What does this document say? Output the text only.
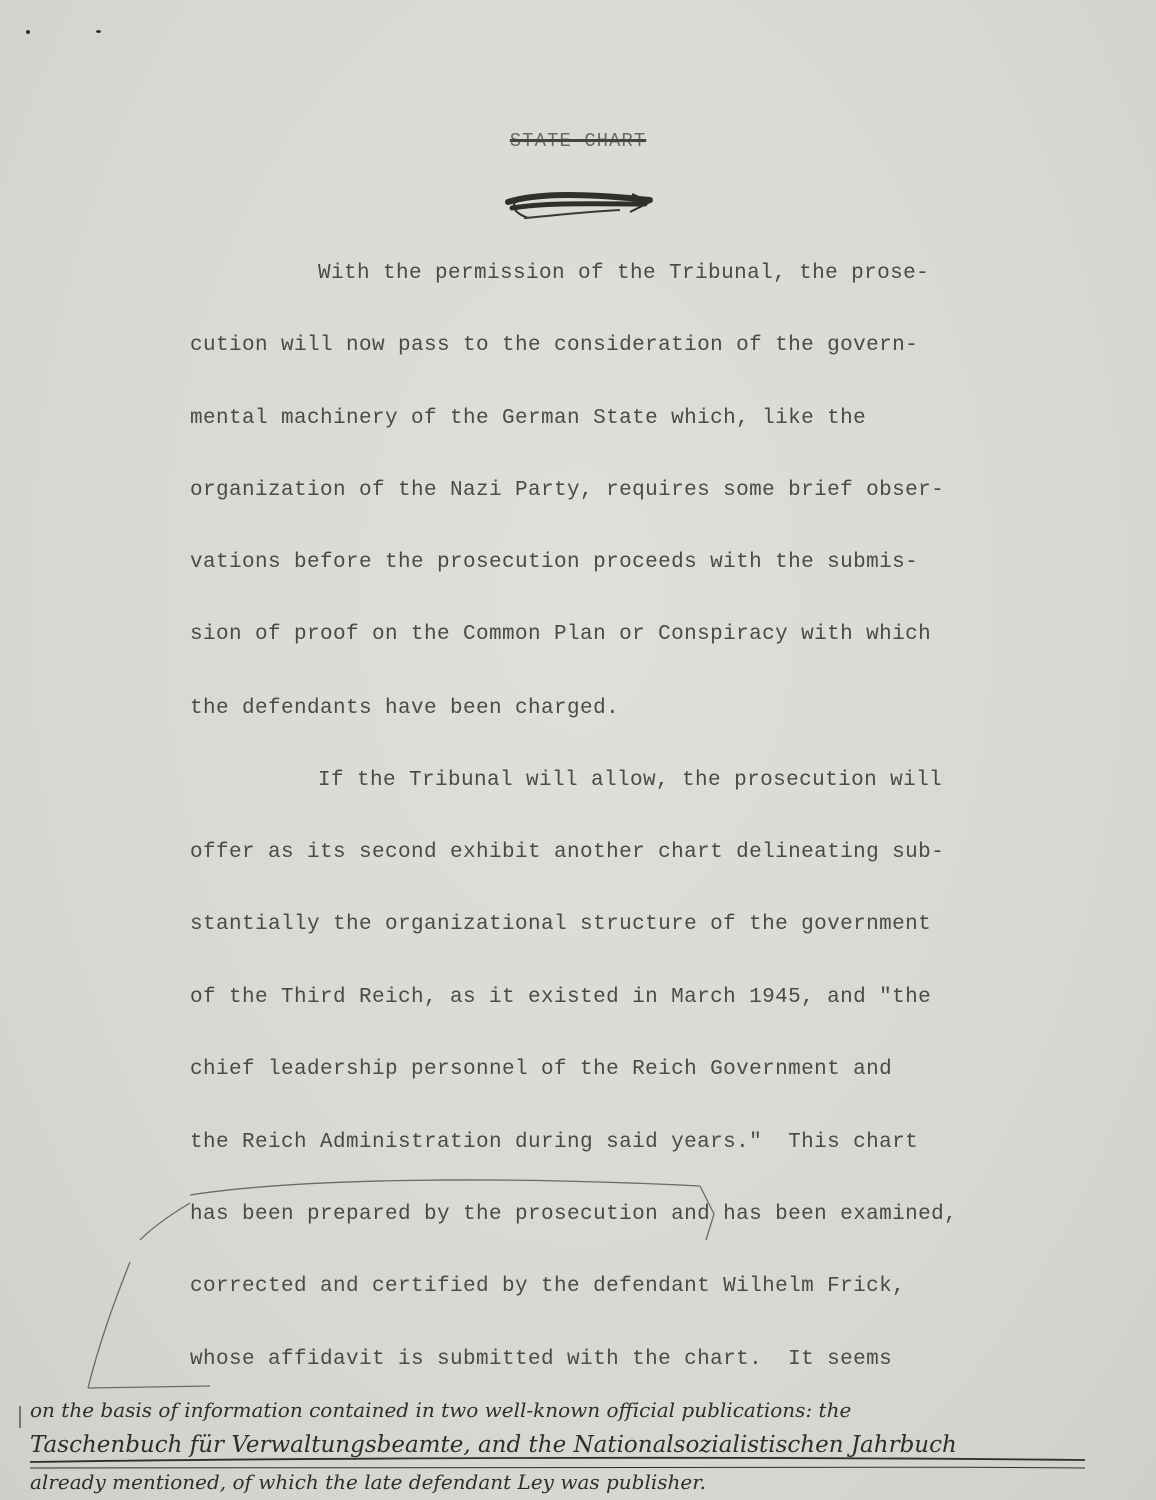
STATE CHART
With the permission of the Tribunal, the prose-
cution will now pass to the consideration of the govern-
mental machinery of the German State which, like the
organization of the Nazi Party, requires some brief obser-
vations before the prosecution proceeds with the submis-
sion of proof on the Common Plan or Conspiracy with which
the defendants have been charged.
If the Tribunal will allow, the prosecution will
offer as its second exhibit another chart delineating sub-
stantially the organizational structure of the government
of the Third Reich, as it existed in March 1945, and "the
chief leadership personnel of the Reich Government and
the Reich Administration during said years."  This chart
has been prepared by the prosecution and has been examined,
corrected and certified by the defendant Wilhelm Frick,
whose affidavit is submitted with the chart.  It seems
on the basis of information contained in two well-known official publications: the
Taschenbuch für Verwaltungsbeamte, and the Nationalsozialistischen Jahrbuch
already mentioned, of which the late defendant Ley was publisher.
